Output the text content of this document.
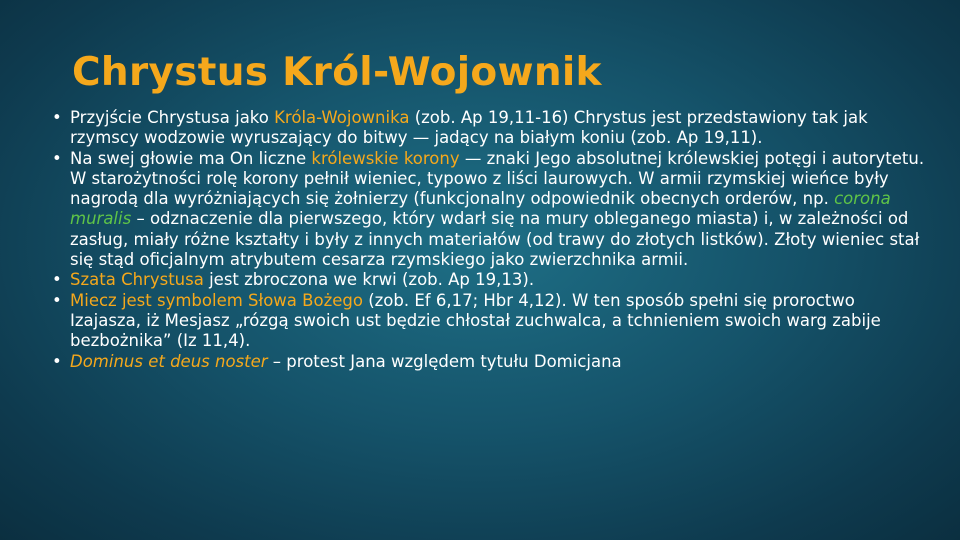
Chrystus Król-Wojownik
• Przyjście Chrystusa jako Króla-Wojownika (zob. Ap 19,11-16) Chrystus jest przedstawiony tak jak rzymscy wodzowie wyruszający do bitwy — jadący na białym koniu (zob. Ap 19,11).
• Na swej głowie ma On liczne królewskie korony — znaki Jego absolutnej królewskiej potęgi i autorytetu. W starożytności rolę korony pełnił wieniec, typowo z liści laurowych. W armii rzymskiej wieńce były nagrodą dla wyróżniających się żołnierzy (funkcjonalny odpowiednik obecnych orderów, np. corona muralis – odznaczenie dla pierwszego, który wdarł się na mury obleganego miasta) i, w zależności od zasług, miały różne kształty i były z innych materiałów (od trawy do złotych listków). Złoty wieniec stał się stąd oficjalnym atrybutem cesarza rzymskiego jako zwierzchnika armii.
• Szata Chrystusa jest zbroczona we krwi (zob. Ap 19,13).
• Miecz jest symbolem Słowa Bożego (zob. Ef 6,17; Hbr 4,12). W ten sposób spełni się proroctwo Izajasza, iż Mesjasz „rózgą swoich ust będzie chłostał zuchwalca, a tchnieniem swoich warg zabije bezbożnika” (Iz 11,4).
• Dominus et deus noster – protest Jana względem tytułu Domicjana
